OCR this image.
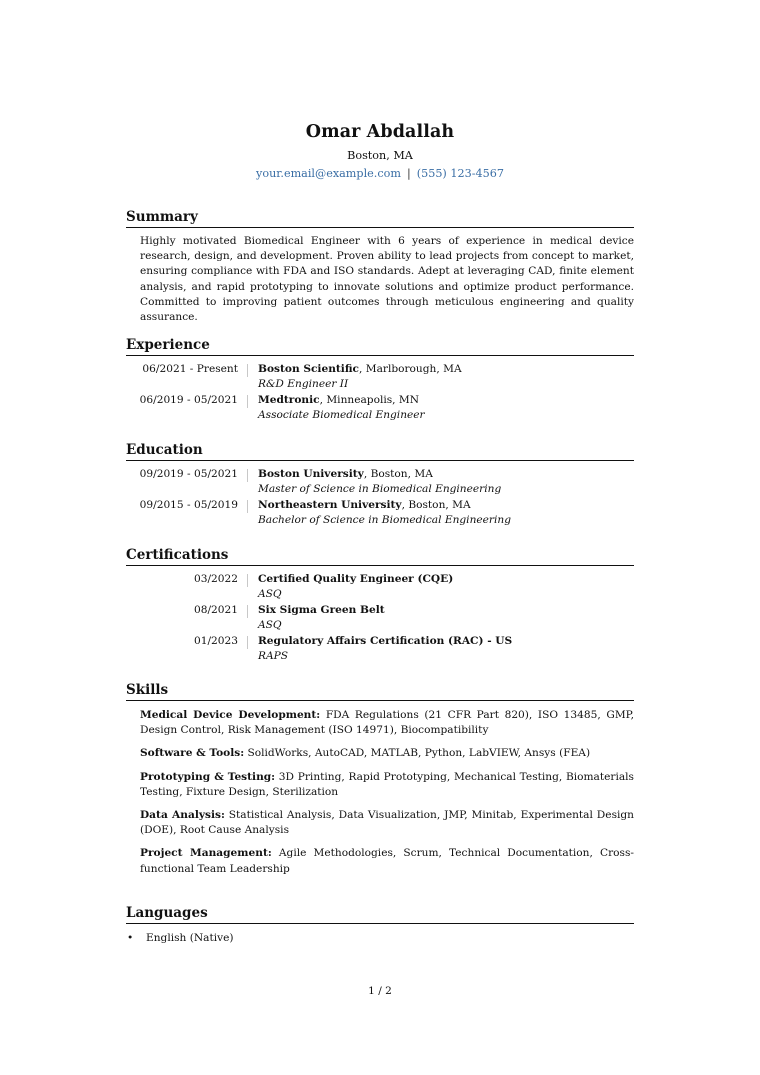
Omar Abdallah
Boston, MA
your.email@example.com | (555) 123-4567
Summary
Highly motivated Biomedical Engineer with 6 years of experience in medical device research, design, and development. Proven ability to lead projects from concept to market, ensuring compliance with FDA and ISO standards. Adept at leveraging CAD, finite element analysis, and rapid prototyping to innovate solutions and optimize product performance. Committed to improving patient outcomes through meticulous engineering and quality assurance.
Experience
06/2021 - Present Boston Scientific, Marlborough, MA
R&D Engineer II
06/2019 - 05/2021 Medtronic, Minneapolis, MN
Associate Biomedical Engineer
Education
09/2019 - 05/2021 Boston University, Boston, MA
Master of Science in Biomedical Engineering
09/2015 - 05/2019 Northeastern University, Boston, MA
Bachelor of Science in Biomedical Engineering
Certifications
03/2022 Certified Quality Engineer (CQE)
ASQ
08/2021 Six Sigma Green Belt
ASQ
01/2023 Regulatory Affairs Certification (RAC) - US
RAPS
Skills
Medical Device Development: FDA Regulations (21 CFR Part 820), ISO 13485, GMP, Design Control, Risk Management (ISO 14971), Biocompatibility
Software & Tools: SolidWorks, AutoCAD, MATLAB, Python, LabVIEW, Ansys (FEA)
Prototyping & Testing: 3D Printing, Rapid Prototyping, Mechanical Testing, Biomaterials Testing, Fixture Design, Sterilization
Data Analysis: Statistical Analysis, Data Visualization, JMP, Minitab, Experimental Design (DOE), Root Cause Analysis
Project Management: Agile Methodologies, Scrum, Technical Documentation, Cross-functional Team Leadership
Languages
•	English (Native)
1 / 2
